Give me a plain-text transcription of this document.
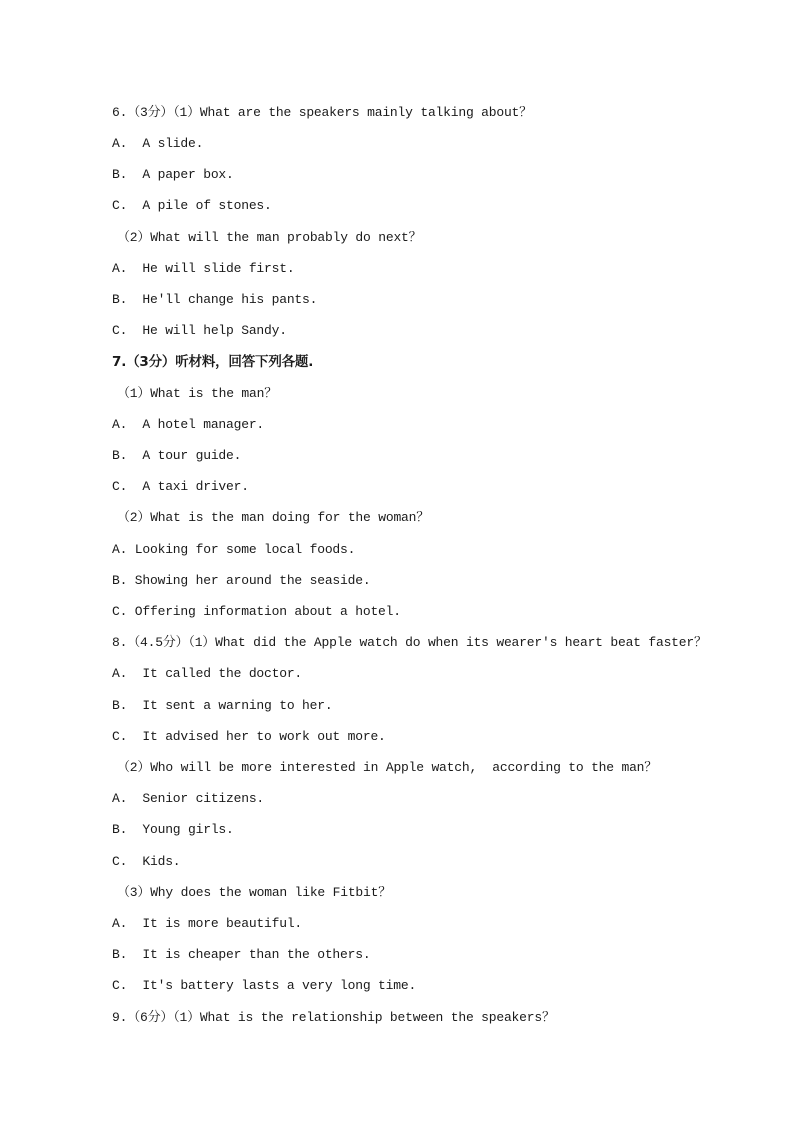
6.（3分）（1）What are the speakers mainly talking about？
A.  A slide.
B.  A paper box.
C.  A pile of stones.
（2）What will the man probably do next？
A.  He will slide first.
B.  He'll change his pants.
C.  He will help Sandy.
7.（3分）听材料，回答下列各题.
（1）What is the man？
A.  A hotel manager.
B.  A tour guide.
C.  A taxi driver.
（2）What is the man doing for the woman？
A. Looking for some local foods.
B. Showing her around the seaside.
C. Offering information about a hotel.
8.（4.5分）（1）What did the Apple watch do when its wearer's heart beat faster？
A.  It called the doctor.
B.  It sent a warning to her.
C.  It advised her to work out more.
（2）Who will be more interested in Apple watch,  according to the man？
A.  Senior citizens.
B.  Young girls.
C.  Kids.
（3）Why does the woman like Fitbit？
A.  It is more beautiful.
B.  It is cheaper than the others.
C.  It's battery lasts a very long time.
9.（6分）（1）What is the relationship between the speakers？
